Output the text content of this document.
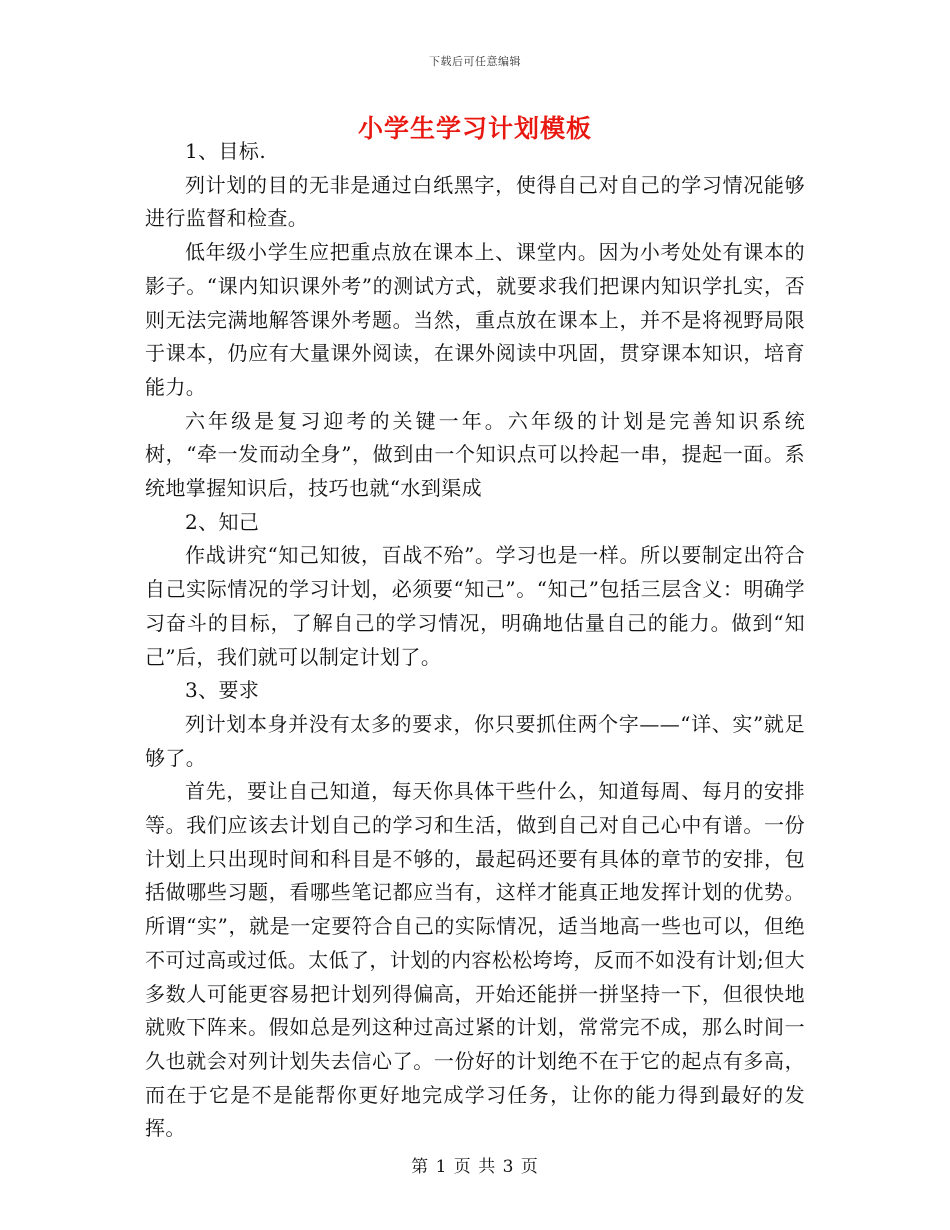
下载后可任意编辑
小学生学习计划模板

1、目标.

列计划的目的无非是通过白纸黑字，使得自己对自己的学习情况能够进行监督和检查。

低年级小学生应把重点放在课本上、课堂内。因为小考处处有课本的影子。“课内知识课外考”的测试方式，就要求我们把课内知识学扎实，否则无法完满地解答课外考题。当然，重点放在课本上，并不是将视野局限于课本，仍应有大量课外阅读，在课外阅读中巩固，贯穿课本知识，培育能力。

六年级是复习迎考的关键一年。六年级的计划是完善知识系统树，“牵一发而动全身”，做到由一个知识点可以拎起一串，提起一面。系统地掌握知识后，技巧也就“水到渠成

2、知己

作战讲究“知己知彼，百战不殆”。学习也是一样。所以要制定出符合自己实际情况的学习计划，必须要“知己”。“知己”包括三层含义：明确学习奋斗的目标，了解自己的学习情况，明确地估量自己的能力。做到“知己”后，我们就可以制定计划了。

3、要求

列计划本身并没有太多的要求，你只要抓住两个字——“详、实”就足够了。

首先，要让自己知道，每天你具体干些什么，知道每周、每月的安排等。我们应该去计划自己的学习和生活，做到自己对自己心中有谱。一份计划上只出现时间和科目是不够的，最起码还要有具体的章节的安排，包括做哪些习题，看哪些笔记都应当有，这样才能真正地发挥计划的优势。所谓“实”，就是一定要符合自己的实际情况，适当地高一些也可以，但绝不可过高或过低。太低了，计划的内容松松垮垮，反而不如没有计划;但大多数人可能更容易把计划列得偏高，开始还能拼一拼坚持一下，但很快地就败下阵来。假如总是列这种过高过紧的计划，常常完不成，那么时间一久也就会对列计划失去信心了。一份好的计划绝不在于它的起点有多高，而在于它是不是能帮你更好地完成学习任务，让你的能力得到最好的发挥。

第 1 页 共 3 页
